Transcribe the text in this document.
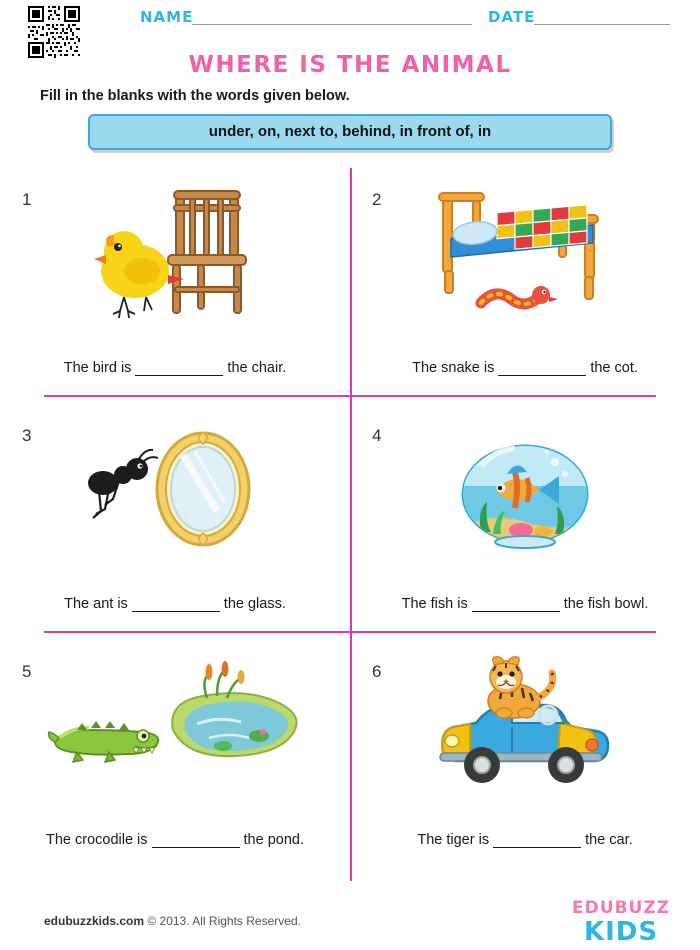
NAME	DATE
WHERE IS THE ANIMAL
Fill in the blanks with the words given below.
under, on, next to, behind, in front of, in
1
The bird is	the chair.
2
The snake is	the cot.
3
The ant is	the glass.
4
The fish is	the fish bowl.
5
The crocodile is	the pond.
6
The tiger is	the car.
edubuzzkids.com © 2013. All Rights Reserved.
EDUBUZZ
KIDS
